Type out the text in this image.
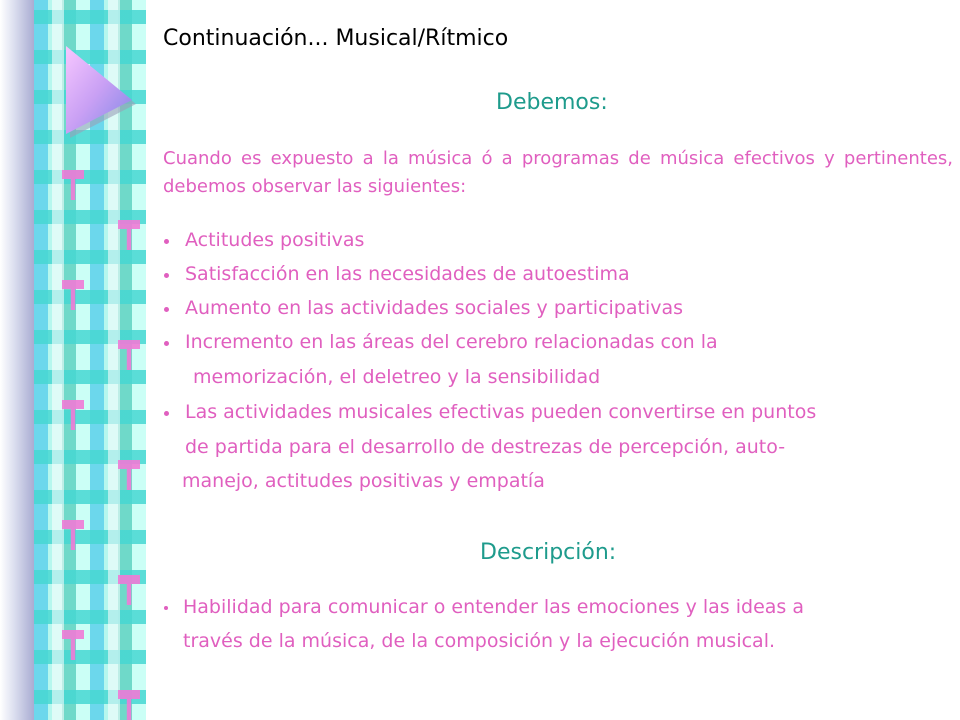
Continuación... Musical/Rítmico
Debemos:
Cuando es expuesto a la música ó a programas de música efectivos y pertinentes, debemos observar las siguientes:
Actitudes positivas
Satisfacción en las necesidades de autoestima
Aumento en las actividades sociales y participativas
Incremento en las áreas del cerebro relacionadas con la
memorización, el deletreo y la sensibilidad
Las actividades musicales efectivas pueden convertirse en puntos
de partida para el desarrollo de destrezas de percepción, auto-
manejo, actitudes positivas y empatía
Descripción:
Habilidad para comunicar o entender las emociones y las ideas a
través de la música, de la composición y la ejecución musical.
